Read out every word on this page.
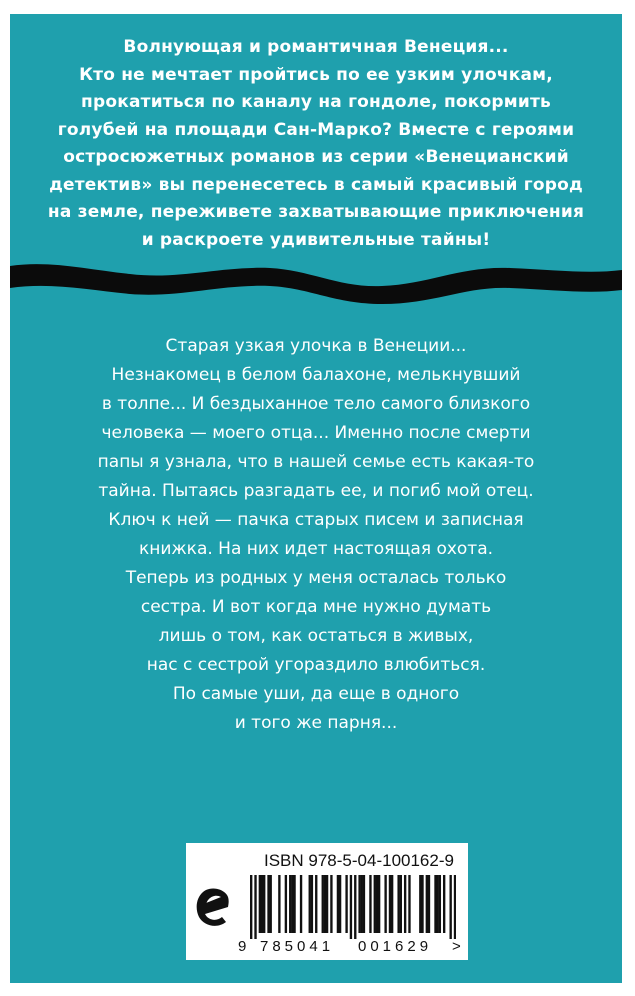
Волнующая и романтичная Венеция...
Кто не мечтает пройтись по ее узким улочкам,
прокатиться по каналу на гондоле, покормить
голубей на площади Сан-Марко? Вместе с героями
остросюжетных романов из серии «Венецианский
детектив» вы перенесетесь в самый красивый город
на земле, переживете захватывающие приключения
и раскроете удивительные тайны!
Старая узкая улочка в Венеции...
Незнакомец в белом балахоне, мелькнувший
в толпе... И бездыханное тело самого близкого
человека — моего отца... Именно после смерти
папы я узнала, что в нашей семье есть какая-то
тайна. Пытаясь разгадать ее, и погиб мой отец.
Ключ к ней — пачка старых писем и записная
книжка. На них идет настоящая охота.
Теперь из родных у меня осталась только
сестра. И вот когда мне нужно думать
лишь о том, как остаться в живых,
нас с сестрой угораздило влюбиться.
По самые уши, да еще в одного
и того же парня...
ISBN 978-5-04-100162-9
9 785041 001629 >
